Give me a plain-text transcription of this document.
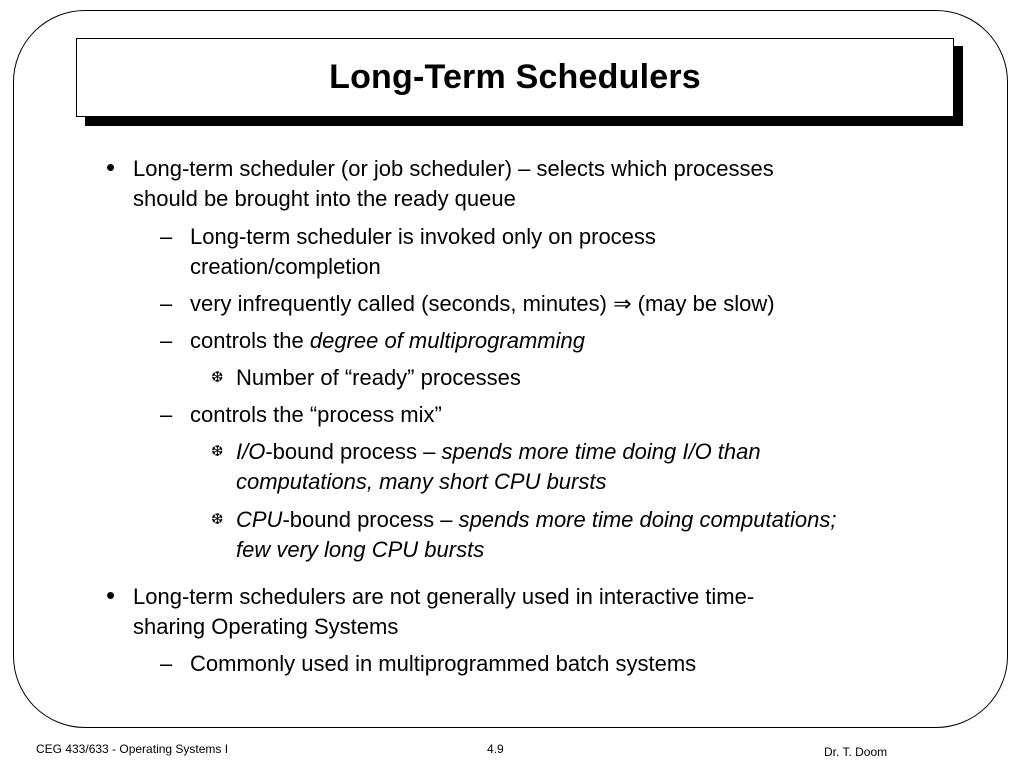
Long-Term Schedulers
• Long-term scheduler (or job scheduler) – selects which processes
should be brought into the ready queue
– Long-term scheduler is invoked only on process
creation/completion
– very infrequently called (seconds, minutes) ⇒ (may be slow)
– controls the degree of multiprogramming
❆ Number of “ready” processes
– controls the “process mix”
❆ I/O-bound process – spends more time doing I/O than
computations, many short CPU bursts
❆ CPU-bound process – spends more time doing computations;
few very long CPU bursts
• Long-term schedulers are not generally used in interactive time-
sharing Operating Systems
– Commonly used in multiprogrammed batch systems
CEG 433/633 - Operating Systems I	4.9	Dr. T. Doom
